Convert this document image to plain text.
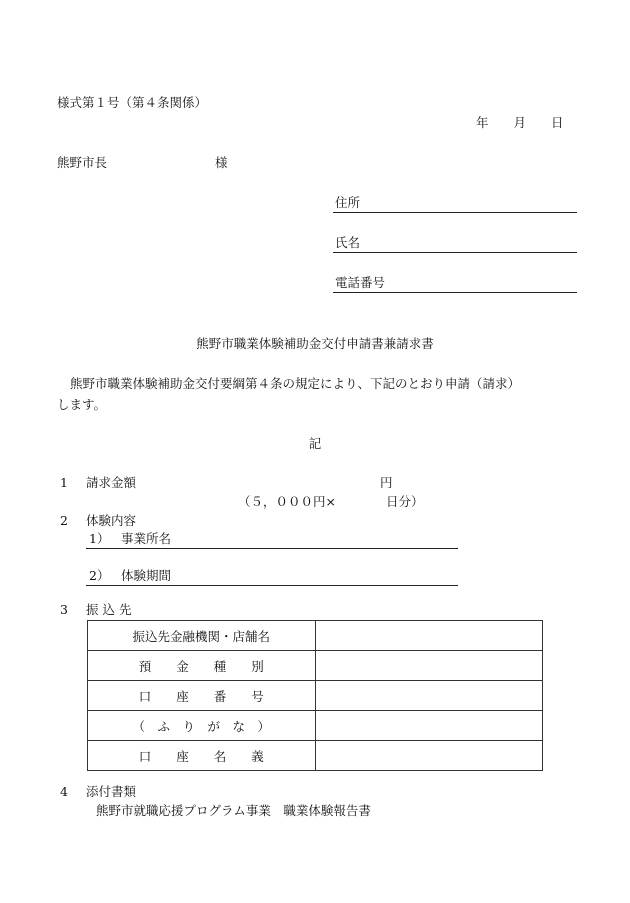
様式第１号（第４条関係）
年　　月　　日
熊野市長	様
住所
氏名
電話番号
熊野市職業体験補助金交付申請書兼請求書
熊野市職業体験補助金交付要綱第４条の規定により、下記のとおり申請（請求）
します。
記
1 請求金額	円
（５，０００円×　　　　日分）
2 体験内容
1） 事業所名
2） 体験期間
3 振 込 先
振込先金融機関・店舗名	
預　　金　　種　　別	
口　　座　　番　　号	
（　ふ　り　が　な　）	
口　　座　　名　　義	
4 添付書類
熊野市就職応援プログラム事業　職業体験報告書
